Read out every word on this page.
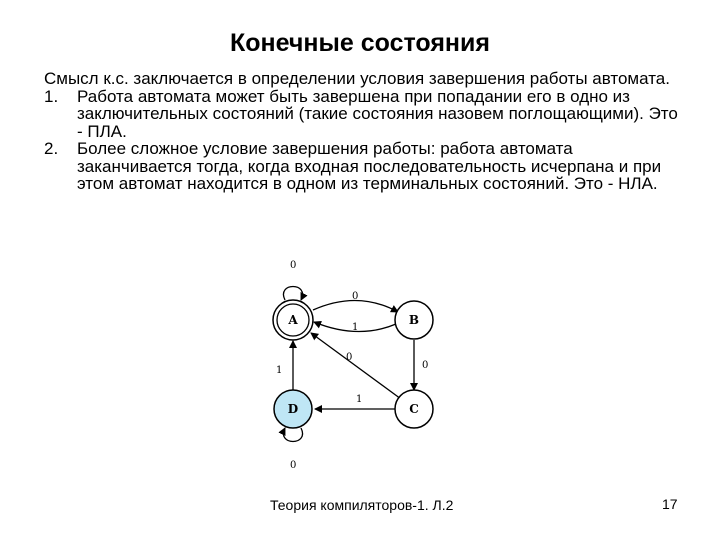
Конечные состояния

Смысл к.с. заключается в определении условия завершения работы автомата.

1. Работа автомата может быть завершена при попадании его в одно из заключительных состояний (такие состояния назовем поглощающими). Это - ПЛА.
2. Более сложное условие завершения работы: работа автомата заканчивается тогда, когда входная последовательность исчерпана и при этом автомат находится в одном из терминальных состояний. Это - НЛА.
0
0
1
0
0
1
1
0
A	B
C
D
Теория компиляторов-1. Л.2	17
